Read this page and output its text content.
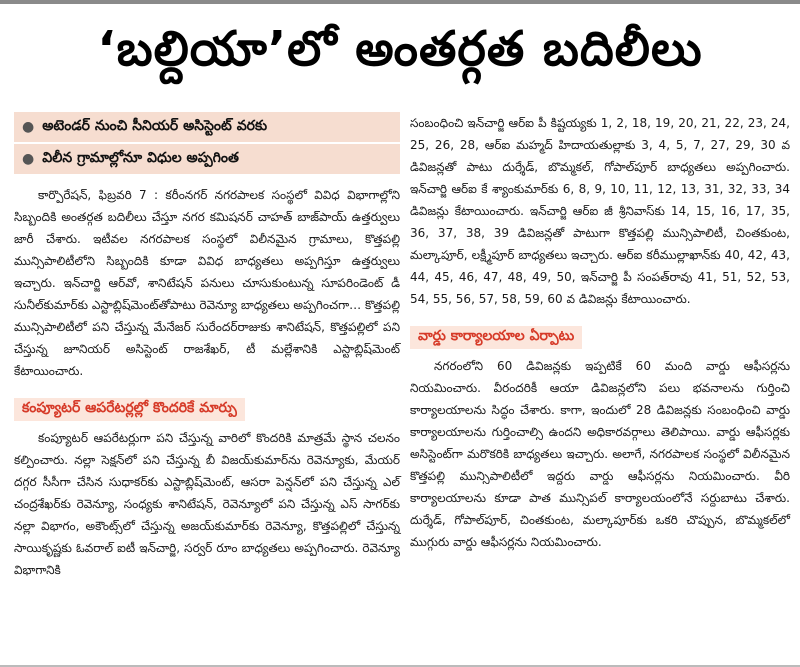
‘బల్దియా’లో అంతర్గత బదిలీలు
● అటెండర్ నుంచి సీనియర్ అసిస్టెంట్ వరకు
● విలీన గ్రామాల్లోనూ విధుల అప్పగింత

కార్పొరేషన్, ఫిబ్రవరి 7 : కరీంనగర్ నగరపాలక సంస్థలో వివిధ విభాగాల్లోని సిబ్బందికి అంతర్గత బదిలీలు చేస్తూ నగర కమిషనర్ చాహత్ బాజ్‌పాయ్ ఉత్తర్వులు జారీ చేశారు. ఇటీవల నగరపాలక సంస్థలో విలీనమైన గ్రామాలు, కొత్తపల్లి మున్సిపాలిటీలోని సిబ్బందికి కూడా వివిధ బాధ్యతలు అప్పగిస్తూ ఉత్తర్వులు ఇచ్చారు. ఇన్‌చార్జి ఆర్‌వో, శానిటేషన్ పనులు చూసుకుంటున్న సూపరిండెంట్ డీ సునీల్‌కుమార్‌కు ఎస్టాబ్లిష్‌మెంట్‌తోపాటు రెవెన్యూ బాధ్యతలు అప్పగించగా… కొత్తపల్లి మున్సిపాలిటీలో పని చేస్తున్న మేనేజర్ సురేందర్‌రాజుకు శానిటేషన్, కొత్తపల్లిలో పని చేస్తున్న జూనియర్ అసిస్టెంట్ రాజశేఖర్, టీ మల్లేశానికి ఎస్టాబ్లిష్‌మెంట్ కేటాయించారు.

కంప్యూటర్ ఆపరేటర్లల్లో కొందరికే మార్పు

కంప్యూటర్ ఆపరేటర్లుగా పని చేస్తున్న వారిలో కొందరికి మాత్రమే స్థాన చలనం కల్పించారు. నల్లా సెక్షన్‌లో పని చేస్తున్న బీ విజయ్‌కుమార్‌ను రెవెన్యూకు, మేయర్ దగ్గర సీసీగా చేసిన సుధాకర్‌కు ఎస్టాబ్లిష్‌మెంట్, ఆసరా పెన్షన్‌లో పని చేస్తున్న ఎల్ చంద్రశేఖర్‌కు రెవెన్యూ, సంధ్యకు శానిటేషన్, రెవెన్యూలో పని చేస్తున్న ఎస్ సాగర్‌కు నల్లా విభాగం, అకౌంట్స్‌లో చేస్తున్న అజయ్‌కుమార్‌కు రెవెన్యూ, కొత్తపల్లిలో చేస్తున్న సాయికృష్ణకు ఓవరాల్ ఐటీ ఇన్‌చార్జి, సర్వర్ రూం బాధ్యతలు అప్పగించారు. రెవెన్యూ విభాగానికి

సంబంధించి ఇన్‌చార్జి ఆర్‌ఐ పీ కిష్టయ్యకు 1, 2, 18, 19, 20, 21, 22, 23, 24, 25, 26, 28, ఆర్‌ఐ మహ్మద్ హిదాయతుల్లాకు 3, 4, 5, 7, 27, 29, 30 వ డివిజన్లతో పాటు దుర్శేడ్, బొమ్మకల్, గోపాల్‌పూర్ బాధ్యతలు అప్పగించారు. ఇన్‌చార్జి ఆర్‌ఐ కే శ్యాంకుమార్‌కు 6, 8, 9, 10, 11, 12, 13, 31, 32, 33, 34 డివిజన్లు కేటాయించారు. ఇన్‌చార్జి ఆర్‌ఐ జీ శ్రీనివాస్‌కు 14, 15, 16, 17, 35, 36, 37, 38, 39 డివిజన్లతో పాటుగా కొత్తపల్లి మున్సిపాలిటీ, చింతకుంట, మల్కాపూర్, లక్ష్మీపూర్ బాధ్యతలు ఇచ్చారు. ఆర్‌ఐ కరీముల్లాఖాన్‌కు 40, 42, 43, 44, 45, 46, 47, 48, 49, 50, ఇన్‌చార్జి పీ సంపత్‌రావు 41, 51, 52, 53, 54, 55, 56, 57, 58, 59, 60 వ డివిజన్లు కేటాయించారు.

వార్డు కార్యాలయాల ఏర్పాటు

నగరంలోని 60 డివిజన్లకు ఇప్పటికే 60 మంది వార్డు ఆఫీసర్లను నియమించారు. వీరందరికీ ఆయా డివిజన్లలోని పలు భవనాలను గుర్తించి కార్యాలయాలను సిద్ధం చేశారు. కాగా, ఇందులో 28 డివిజన్లకు సంబంధించి వార్డు కార్యాలయాలను గుర్తించాల్సి ఉందని అధికారవర్గాలు తెలిపాయి. వార్డు ఆఫీసర్లకు అసిస్టెంట్‌గా మరొకరికి బాధ్యతలు ఇచ్చారు. అలాగే, నగరపాలక సంస్థలో విలీనమైన కొత్తపల్లి మున్సిపాలిటీలో ఇద్దరు వార్డు ఆఫీసర్లను నియమించారు. వీరి కార్యాలయాలను కూడా పాత మున్సిపల్ కార్యాలయంలోనే సర్దుబాటు చేశారు. దుర్శేడ్, గోపాల్‌పూర్, చింతకుంట, మల్కాపూర్‌కు ఒకరి చొప్పున, బొమ్మకల్‌లో ముగ్గురు వార్డు ఆఫీసర్లను నియమించారు.
